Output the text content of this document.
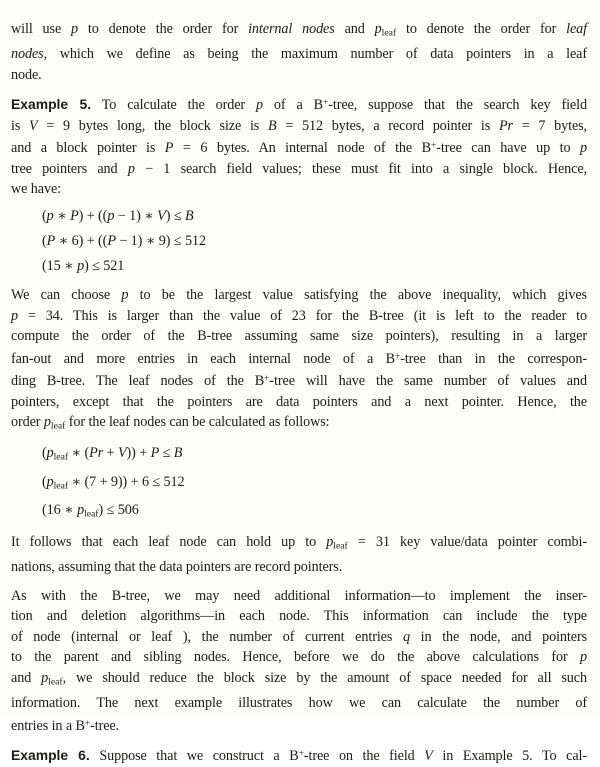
will use p to denote the order for internal nodes and $p_{leaf}$ to denote the order for leaf
nodes, which we define as being the maximum number of data pointers in a leaf
node.
Example 5. To calculate the order p of a B+-tree, suppose that the search key field
is V = 9 bytes long, the block size is B = 512 bytes, a record pointer is Pr = 7 bytes,
and a block pointer is P = 6 bytes. An internal node of the B+-tree can have up to p
tree pointers and p − 1 search field values; these must fit into a single block. Hence,
we have:
(p ∗ P) + ((p − 1) ∗ V) ≤ B
(P ∗ 6) + ((P − 1) ∗ 9) ≤ 512
(15 ∗ p) ≤ 521
We can choose p to be the largest value satisfying the above inequality, which gives
p = 34. This is larger than the value of 23 for the B-tree (it is left to the reader to
compute the order of the B-tree assuming same size pointers), resulting in a larger
fan-out and more entries in each internal node of a B+-tree than in the correspon-
ding B-tree. The leaf nodes of the B+-tree will have the same number of values and
pointers, except that the pointers are data pointers and a next pointer. Hence, the
order $p_{leaf}$ for the leaf nodes can be calculated as follows:
($p_{leaf}$ ∗ (Pr + V)) + P ≤ B
($p_{leaf}$ ∗ (7 + 9)) + 6 ≤ 512
(16 ∗ $p_{leaf}) \le 506$
It follows that each leaf node can hold up to $p_{leaf} = 31$ key value/data pointer combi-
nations, assuming that the data pointers are record pointers.
As with the B-tree, we may need additional information—to implement the inser-
tion and deletion algorithms—in each node. This information can include the type
of node (internal or leaf ), the number of current entries q in the node, and pointers
to the parent and sibling nodes. Hence, before we do the above calculations for p
and $p_{leaf}$, we should reduce the block size by the amount of space needed for all such
information. The next example illustrates how we can calculate the number of
entries in a B+-tree.
Example 6. Suppose that we construct a B+-tree on the field V in Example 5. To cal-
